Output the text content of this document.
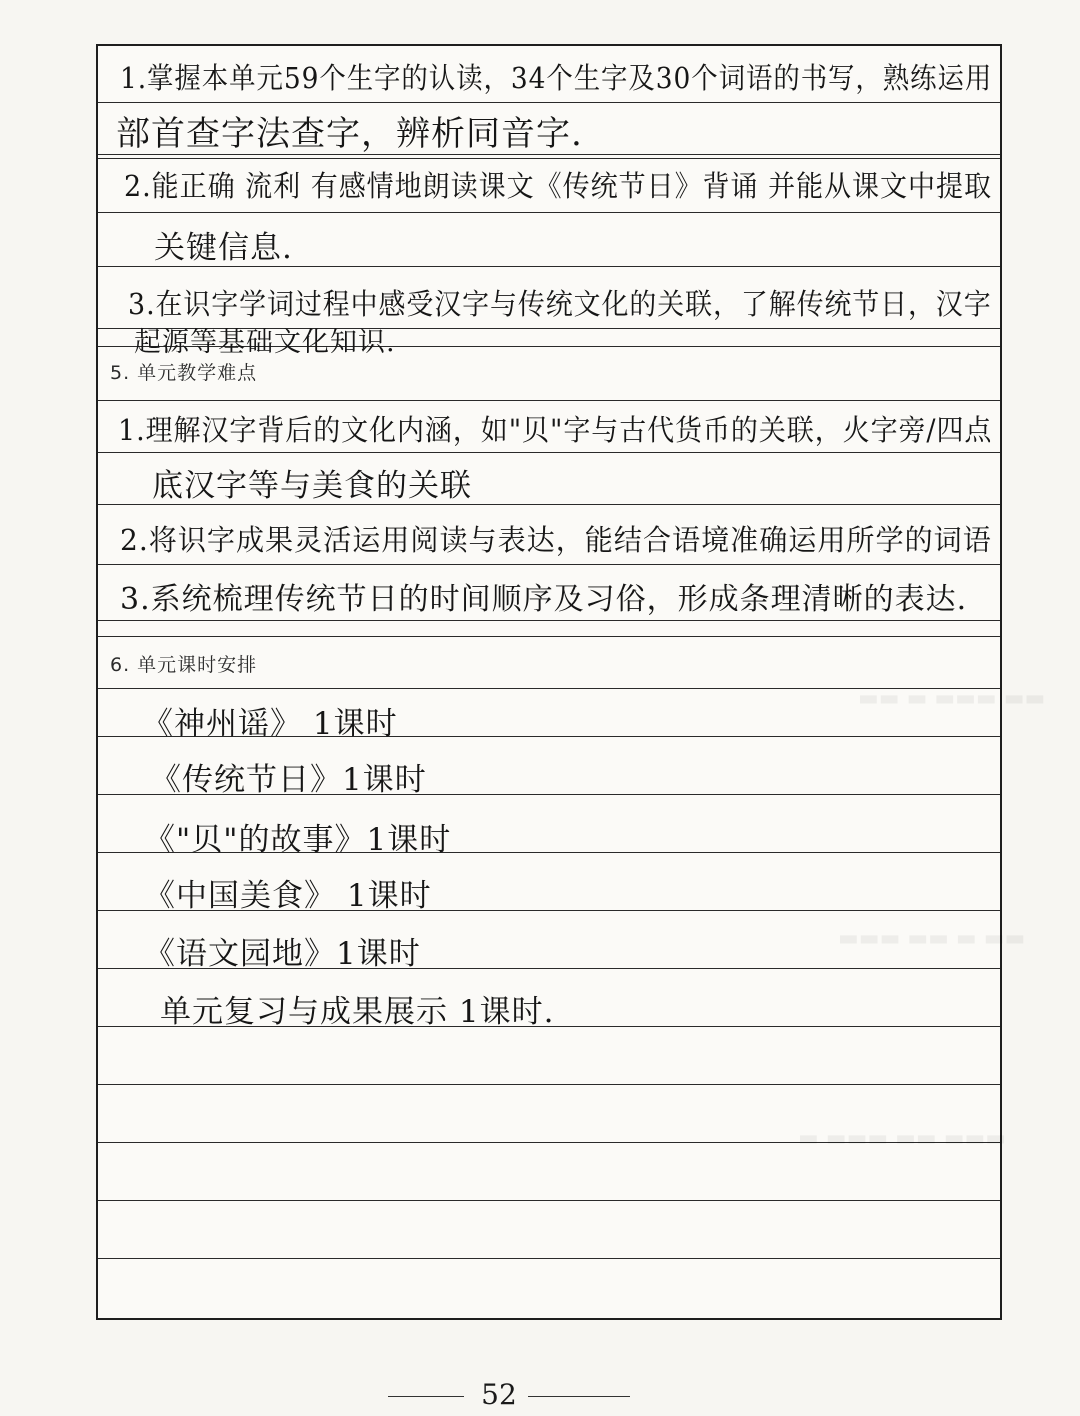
▬▬ ▬ ▬▬▬ ▬▬
▬▬▬ ▬▬ ▬ ▬▬
▬ ▬▬▬ ▬▬ ▬▬▬
1.掌握本单元59个生字的认读，34个生字及30个词语的书写，熟练运用
部首查字法查字，辨析同音字.
2.能正确 流利 有感情地朗读课文《传统节日》背诵 并能从课文中提取
关键信息.
3.在识字学词过程中感受汉字与传统文化的关联，了解传统节日，汉字
起源等基础文化知识.
5. 单元教学难点
1.理解汉字背后的文化内涵，如"贝"字与古代货币的关联，火字旁/四点
底汉字等与美食的关联
2.将识字成果灵活运用阅读与表达，能结合语境准确运用所学的词语
3.系统梳理传统节日的时间顺序及习俗，形成条理清晰的表达.
6. 单元课时安排
《神州谣》 1课时
《传统节日》1课时
《"贝"的故事》1课时
《中国美食》 1课时
《语文园地》1课时
单元复习与成果展示 1课时.
52
